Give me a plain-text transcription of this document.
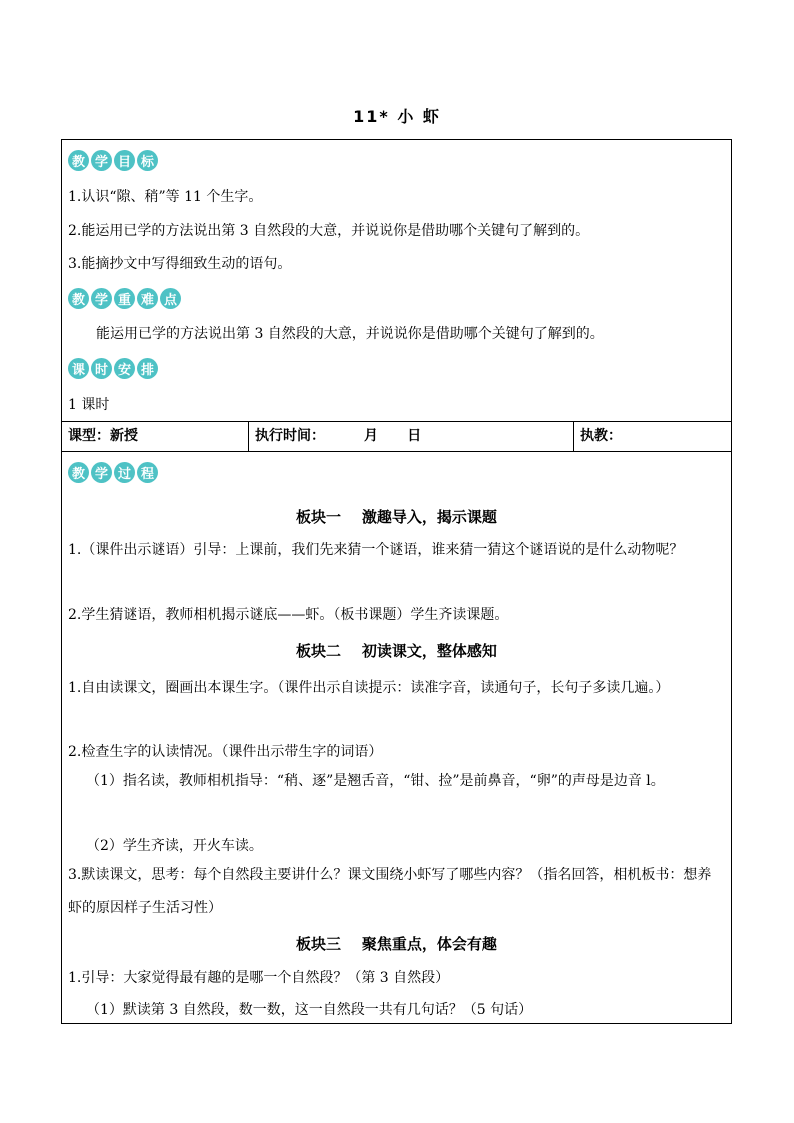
11* 小 虾
教 学 目 标
1.认识“隙、稍”等 11 个生字。
2.能运用已学的方法说出第 3 自然段的大意，并说说你是借助哪个关键句了解到的。
3.能摘抄文中写得细致生动的语句。
教 学 重 难 点
能运用已学的方法说出第 3 自然段的大意，并说说你是借助哪个关键句了解到的。
课 时 安 排
1 课时
课型：新授	执行时间：        月      日	执教：
教 学 过 程
板块一    激趣导入，揭示课题
1.（课件出示谜语）引导：上课前，我们先来猜一个谜语，谁来猜一猜这个谜语说的是什么动物呢？
2.学生猜谜语，教师相机揭示谜底——虾。（板书课题）学生齐读课题。
板块二    初读课文，整体感知
1.自由读课文，圈画出本课生字。（课件出示自读提示：读准字音，读通句子，长句子多读几遍。）
2.检查生字的认读情况。（课件出示带生字的词语）
（1）指名读，教师相机指导：“稍、逐”是翘舌音，“钳、捡”是前鼻音，“卵”的声母是边音 l。
（2）学生齐读，开火车读。
3.默读课文，思考：每个自然段主要讲什么？课文围绕小虾写了哪些内容？（指名回答，相机板书：想养虾的原因样子生活习性）
板块三    聚焦重点，体会有趣
1.引导：大家觉得最有趣的是哪一个自然段？（第 3 自然段）
（1）默读第 3 自然段，数一数，这一自然段一共有几句话？（5 句话）
